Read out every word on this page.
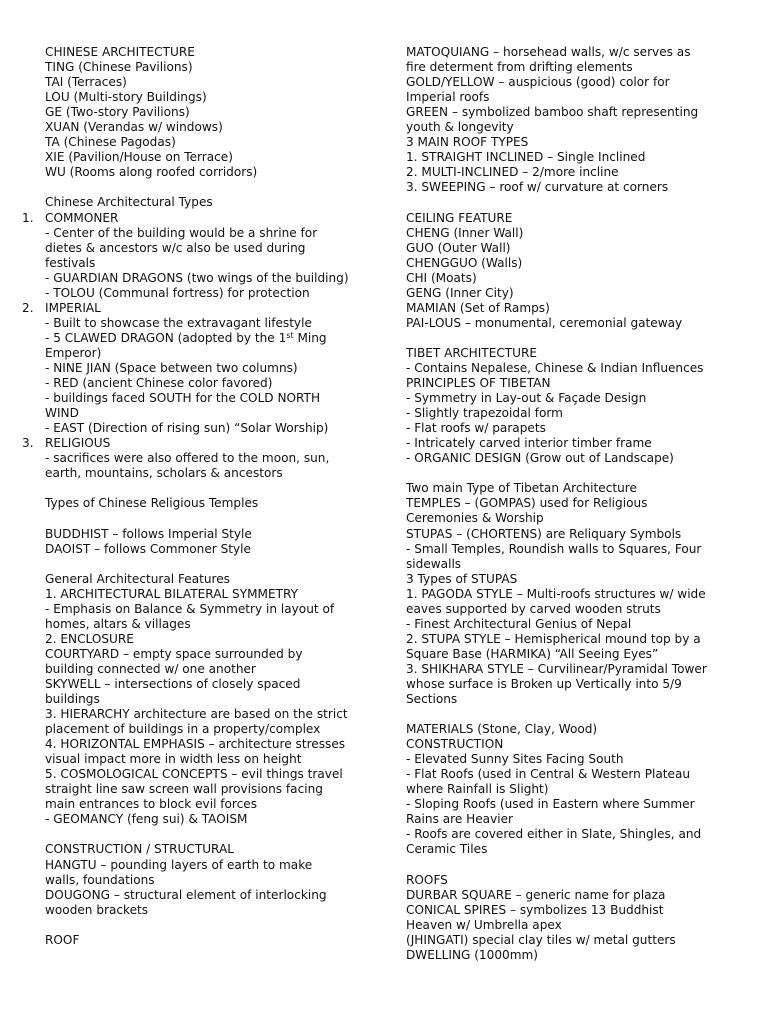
CHINESE ARCHITECTURE
TING (Chinese Pavilions)
TAI (Terraces)
LOU (Multi-story Buildings)
GE (Two-story Pavilions)
XUAN (Verandas w/ windows)
TA (Chinese Pagodas)
XIE (Pavilion/House on Terrace)
WU (Rooms along roofed corridors)
Chinese Architectural Types
1. COMMONER
- Center of the building would be a shrine for
dietes & ancestors w/c also be used during
festivals
- GUARDIAN DRAGONS (two wings of the building)
- TOLOU (Communal fortress) for protection
2. IMPERIAL
- Built to showcase the extravagant lifestyle
- 5 CLAWED DRAGON (adopted by the 1st Ming
Emperor)
- NINE JIAN (Space between two columns)
- RED (ancient Chinese color favored)
- buildings faced SOUTH for the COLD NORTH
WIND
- EAST (Direction of rising sun) “Solar Worship)
3. RELIGIOUS
- sacrifices were also offered to the moon, sun,
earth, mountains, scholars & ancestors
Types of Chinese Religious Temples
BUDDHIST – follows Imperial Style
DAOIST – follows Commoner Style
General Architectural Features
1. ARCHITECTURAL BILATERAL SYMMETRY
- Emphasis on Balance & Symmetry in layout of
homes, altars & villages
2. ENCLOSURE
COURTYARD – empty space surrounded by
building connected w/ one another
SKYWELL – intersections of closely spaced
buildings
3. HIERARCHY architecture are based on the strict
placement of buildings in a property/complex
4. HORIZONTAL EMPHASIS – architecture stresses
visual impact more in width less on height
5. COSMOLOGICAL CONCEPTS – evil things travel
straight line saw screen wall provisions facing
main entrances to block evil forces
- GEOMANCY (feng sui) & TAOISM
CONSTRUCTION / STRUCTURAL
HANGTU – pounding layers of earth to make
walls, foundations
DOUGONG – structural element of interlocking
wooden brackets
ROOF
MATOQUIANG – horsehead walls, w/c serves as
fire determent from drifting elements
GOLD/YELLOW – auspicious (good) color for
Imperial roofs
GREEN – symbolized bamboo shaft representing
youth & longevity
3 MAIN ROOF TYPES
1. STRAIGHT INCLINED – Single Inclined
2. MULTI-INCLINED – 2/more incline
3. SWEEPING – roof w/ curvature at corners
CEILING FEATURE
CHENG (Inner Wall)
GUO (Outer Wall)
CHENGGUO (Walls)
CHI (Moats)
GENG (Inner City)
MAMIAN (Set of Ramps)
PAI-LOUS – monumental, ceremonial gateway
TIBET ARCHITECTURE
- Contains Nepalese, Chinese & Indian Influences
PRINCIPLES OF TIBETAN
- Symmetry in Lay-out & Façade Design
- Slightly trapezoidal form
- Flat roofs w/ parapets
- Intricately carved interior timber frame
- ORGANIC DESIGN (Grow out of Landscape)
Two main Type of Tibetan Architecture
TEMPLES – (GOMPAS) used for Religious
Ceremonies & Worship
STUPAS – (CHORTENS) are Reliquary Symbols
- Small Temples, Roundish walls to Squares, Four
sidewalls
3 Types of STUPAS
1. PAGODA STYLE – Multi-roofs structures w/ wide
eaves supported by carved wooden struts
- Finest Architectural Genius of Nepal
2. STUPA STYLE – Hemispherical mound top by a
Square Base (HARMIKA) “All Seeing Eyes”
3. SHIKHARA STYLE – Curvilinear/Pyramidal Tower
whose surface is Broken up Vertically into 5/9
Sections
MATERIALS (Stone, Clay, Wood)
CONSTRUCTION
- Elevated Sunny Sites Facing South
- Flat Roofs (used in Central & Western Plateau
where Rainfall is Slight)
- Sloping Roofs (used in Eastern where Summer
Rains are Heavier
- Roofs are covered either in Slate, Shingles, and
Ceramic Tiles
ROOFS
DURBAR SQUARE – generic name for plaza
CONICAL SPIRES – symbolizes 13 Buddhist
Heaven w/ Umbrella apex
(JHINGATI) special clay tiles w/ metal gutters
DWELLING (1000mm)
